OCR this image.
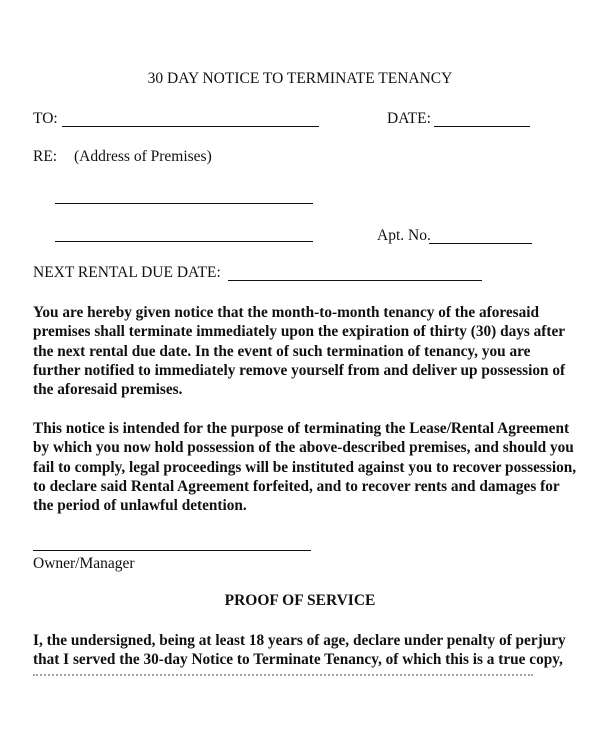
30 DAY NOTICE TO TERMINATE TENANCY
TO:	DATE:
RE: (Address of Premises)
Apt. No.
NEXT RENTAL DUE DATE:
You are hereby given notice that the month-to-month tenancy of the aforesaid
premises shall terminate immediately upon the expiration of thirty (30) days after
the next rental due date. In the event of such termination of tenancy, you are
further notified to immediately remove yourself from and deliver up possession of
the aforesaid premises.
This notice is intended for the purpose of terminating the Lease/Rental Agreement
by which you now hold possession of the above-described premises, and should you
fail to comply, legal proceedings will be instituted against you to recover possession,
to declare said Rental Agreement forfeited, and to recover rents and damages for
the period of unlawful detention.
Owner/Manager
PROOF OF SERVICE
I, the undersigned, being at least 18 years of age, declare under penalty of perjury
that I served the 30-day Notice to Terminate Tenancy, of which this is a true copy,
